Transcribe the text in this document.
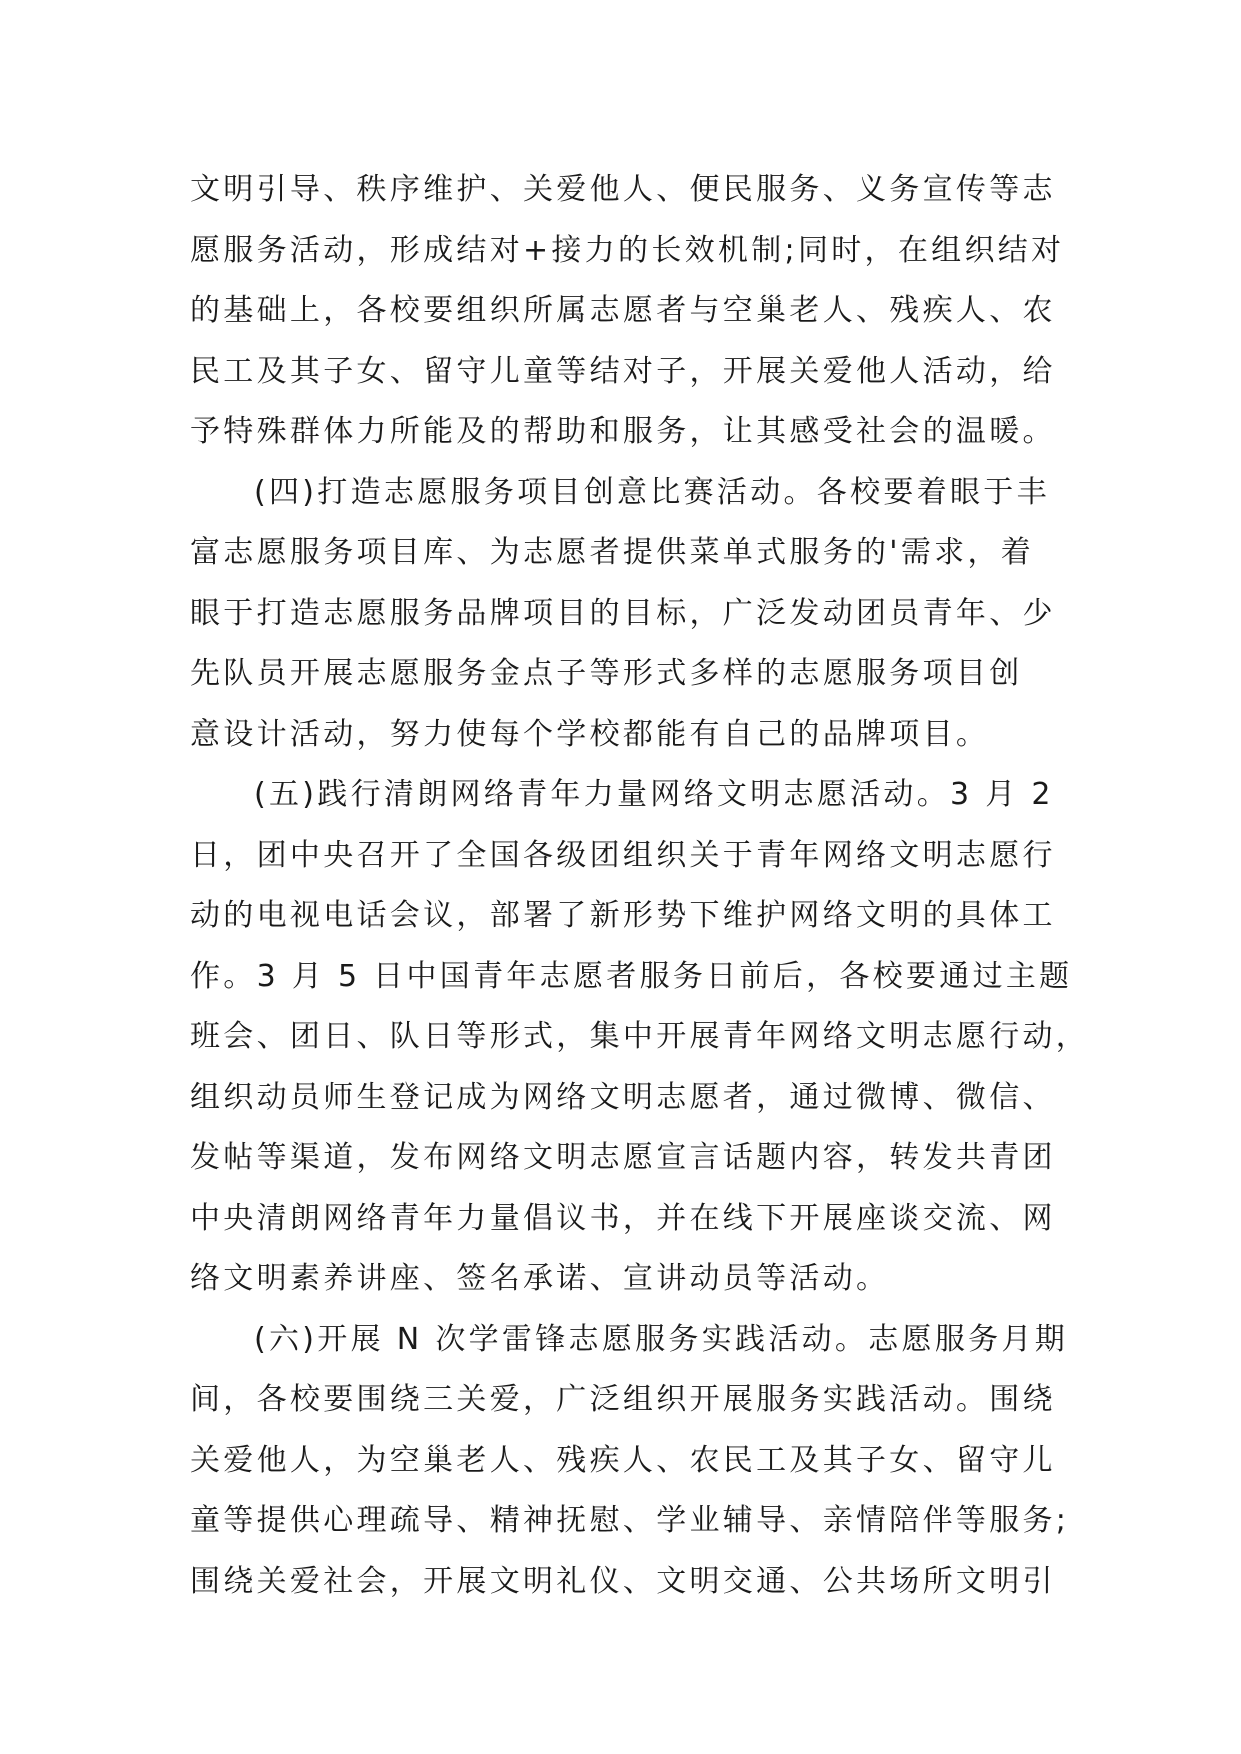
文明引导、秩序维护、关爱他人、便民服务、义务宣传等志
愿服务活动，形成结对+接力的长效机制;同时，在组织结对
的基础上，各校要组织所属志愿者与空巢老人、残疾人、农
民工及其子女、留守儿童等结对子，开展关爱他人活动，给
予特殊群体力所能及的帮助和服务，让其感受社会的温暖。
(四)打造志愿服务项目创意比赛活动。各校要着眼于丰
富志愿服务项目库、为志愿者提供菜单式服务的'需求，着
眼于打造志愿服务品牌项目的目标，广泛发动团员青年、少
先队员开展志愿服务金点子等形式多样的志愿服务项目创
意设计活动，努力使每个学校都能有自己的品牌项目。
(五)践行清朗网络青年力量网络文明志愿活动。3 月 2
日，团中央召开了全国各级团组织关于青年网络文明志愿行
动的电视电话会议，部署了新形势下维护网络文明的具体工
作。3 月 5 日中国青年志愿者服务日前后，各校要通过主题
班会、团日、队日等形式，集中开展青年网络文明志愿行动，
组织动员师生登记成为网络文明志愿者，通过微博、微信、
发帖等渠道，发布网络文明志愿宣言话题内容，转发共青团
中央清朗网络青年力量倡议书，并在线下开展座谈交流、网
络文明素养讲座、签名承诺、宣讲动员等活动。
(六)开展 N 次学雷锋志愿服务实践活动。志愿服务月期
间，各校要围绕三关爱，广泛组织开展服务实践活动。围绕
关爱他人，为空巢老人、残疾人、农民工及其子女、留守儿
童等提供心理疏导、精神抚慰、学业辅导、亲情陪伴等服务;
围绕关爱社会，开展文明礼仪、文明交通、公共场所文明引
